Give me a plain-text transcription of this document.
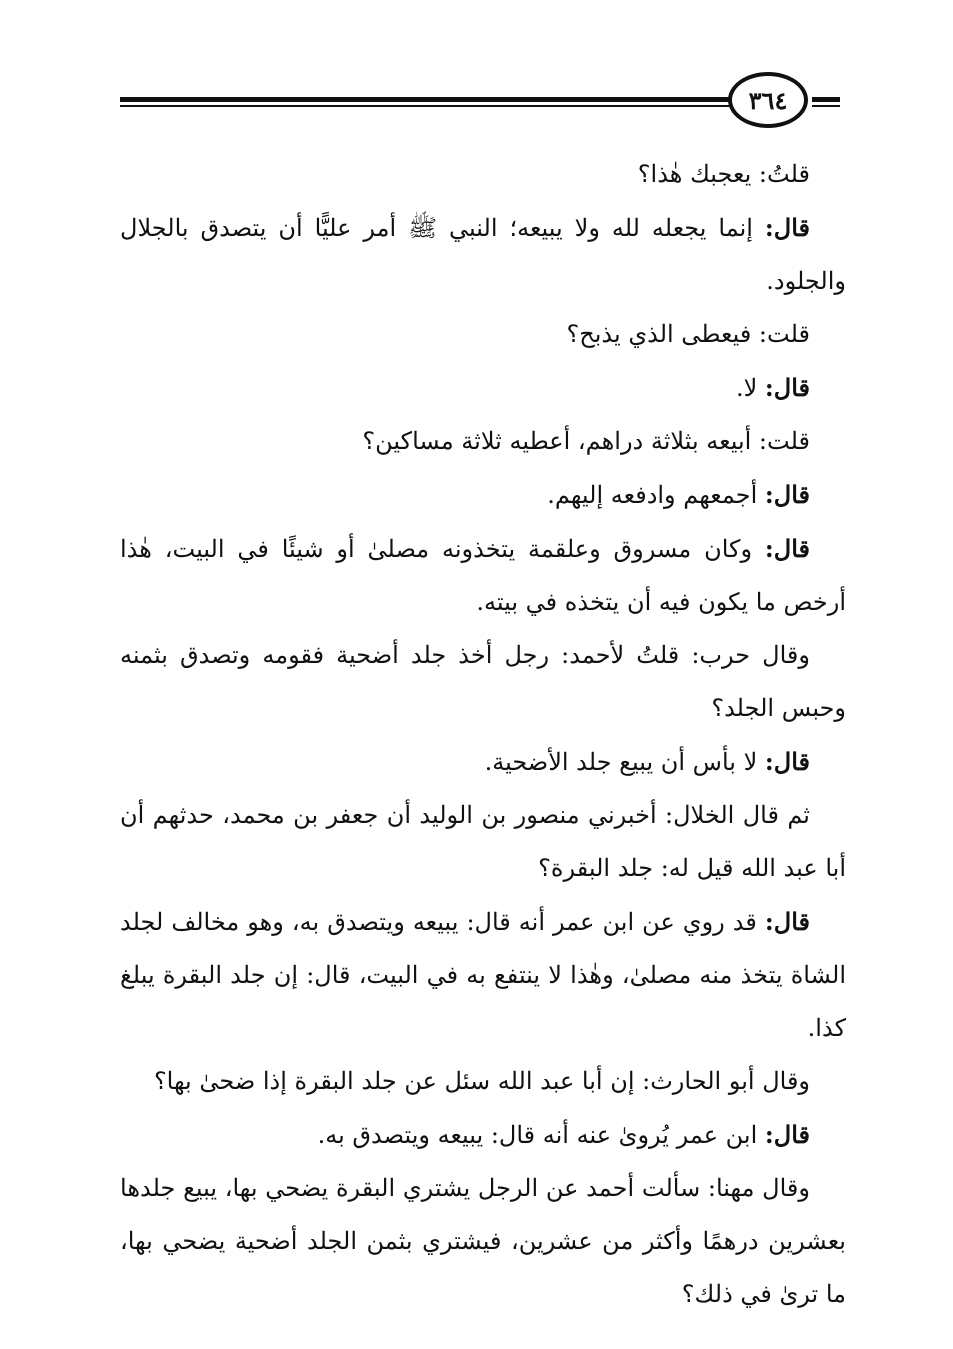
٣٦٤

قلتُ: يعجبك هٰذا؟

قال: إنما يجعله لله ولا يبيعه؛ النبي ﷺ أمر عليًّا أن يتصدق بالجلال والجلود.

قلت: فيعطى الذي يذبح؟

قال: لا.

قلت: أبيعه بثلاثة دراهم، أعطيه ثلاثة مساكين؟

قال: أجمعهم وادفعه إليهم.

قال: وكان مسروق وعلقمة يتخذونه مصلىٰ أو شيئًا في البيت، هٰذا أرخص ما يكون فيه أن يتخذه في بيته.

وقال حرب: قلتُ لأحمد: رجل أخذ جلد أضحية فقومه وتصدق بثمنه وحبس الجلد؟

قال: لا بأس أن يبيع جلد الأضحية.

ثم قال الخلال: أخبرني منصور بن الوليد أن جعفر بن محمد، حدثهم أن أبا عبد الله قيل له: جلد البقرة؟

قال: قد روي عن ابن عمر أنه قال: يبيعه ويتصدق به، وهو مخالف لجلد الشاة يتخذ منه مصلىٰ، وهٰذا لا ينتفع به في البيت، قال: إن جلد البقرة يبلغ كذا.

وقال أبو الحارث: إن أبا عبد الله سئل عن جلد البقرة إذا ضحىٰ بها؟

قال: ابن عمر يُروىٰ عنه أنه قال: يبيعه ويتصدق به.

وقال مهنا: سألت أحمد عن الرجل يشتري البقرة يضحي بها، يبيع جلدها بعشرين درهمًا وأكثر من عشرين، فيشتري بثمن الجلد أضحية يضحي بها، ما ترىٰ في ذلك؟
